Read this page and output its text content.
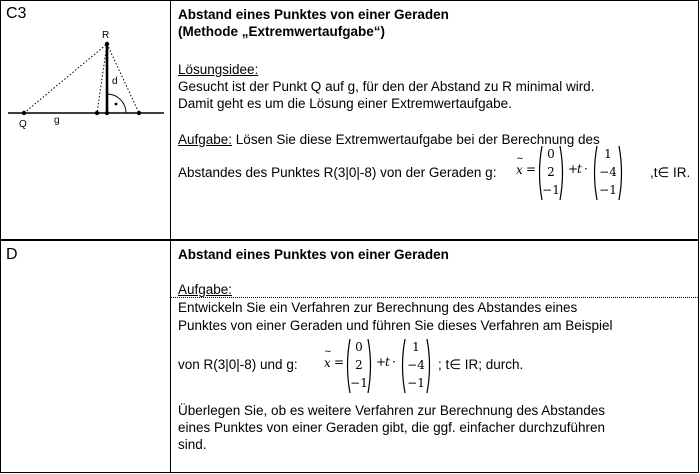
C3
R
Q	g
d
Abstand eines Punktes von einer Geraden
(Methode „Extremwertaufgabe“)
Lösungsidee:
Gesucht ist der Punkt Q auf g, für den der Abstand zu R minimal wird.
Damit geht es um die Lösung einer Extremwertaufgabe.
Aufgabe: Lösen Sie diese Extremwertaufgabe bei der Berechnung des
Abstandes des Punktes R(3|0|-8) von der Geraden g: x
~
=
0
2
−1
+
t ·
1
−4
−1
,t∈ IR.
D	Abstand eines Punktes von einer Geraden
Aufgabe:
Entwickeln Sie ein Verfahren zur Berechnung des Abstandes eines
Punktes von einer Geraden und führen Sie dieses Verfahren am Beispiel
von R(3|0|-8) und g: x
~
=
0
2
−1
+
t ·
1
−4
−1
; t∈ IR; durch.
Überlegen Sie, ob es weitere Verfahren zur Berechnung des Abstandes
eines Punktes von einer Geraden gibt, die ggf. einfacher durchzuführen
sind.
